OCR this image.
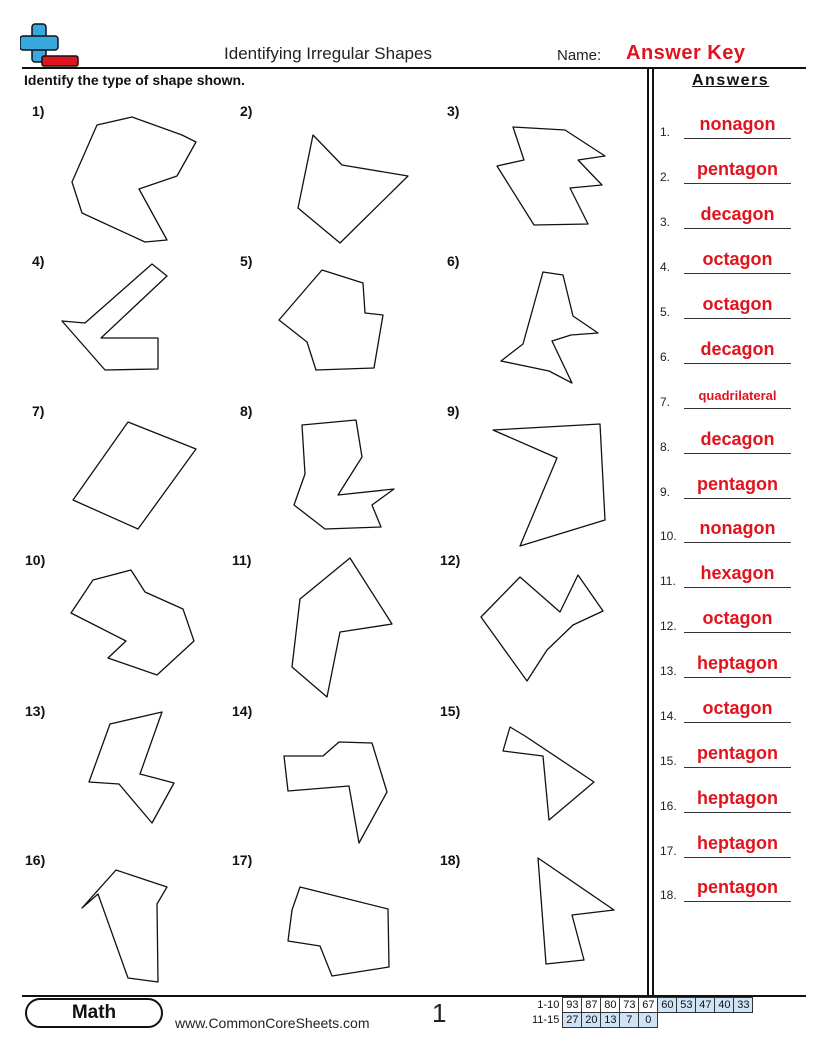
Identifying Irregular Shapes	Name: Answer Key
Identify the type of shape shown.	Answers
1)	2)	3)
4)	5)	6)
7)	8)	9)
10)	11)	12)
13)	14)	15)
16)	17)	18)
1.	nonagon
2.	pentagon
3.	decagon
4.	octagon
5.	octagon
6.	decagon
7.	quadrilateral
8.	decagon
9.	pentagon
10.	nonagon
11.	hexagon
12.	octagon
13.	heptagon
14.	octagon
15.	pentagon
16.	heptagon
17.	heptagon
18.	pentagon
Math	www.CommonCoreSheets.com 1	1-10	93	87	80	73	67	60	53	47	40	33
11-15	27	20	13	7	0					
